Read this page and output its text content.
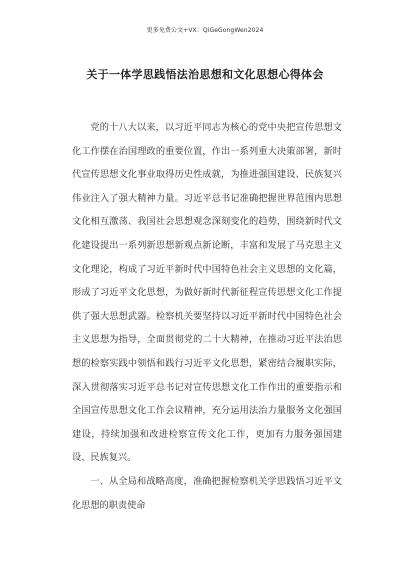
更多免费公文+VX：QiGeGongWen2024
关于一体学思践悟法治思想和文化思想心得体会

党的十八大以来，以习近平同志为核心的党中央把宣传思想文化工作摆在治国理政的重要位置，作出一系列重大决策部署，新时代宣传思想文化事业取得历史性成就，为推进强国建设、民族复兴伟业注入了强大精神力量。习近平总书记准确把握世界范围内思想文化相互激荡、我国社会思想观念深刻变化的趋势，围绕新时代文化建设提出一系列新思想新观点新论断，丰富和发展了马克思主义文化理论，构成了习近平新时代中国特色社会主义思想的文化篇，形成了习近平文化思想，为做好新时代新征程宣传思想文化工作提供了强大思想武器。检察机关要坚持以习近平新时代中国特色社会主义思想为指导，全面贯彻党的二十大精神，在推动习近平法治思想的检察实践中领悟和践行习近平文化思想，紧密结合履职实际，深入贯彻落实习近平总书记对宣传思想文化工作作出的重要指示和全国宣传思想文化工作会议精神，充分运用法治力量服务文化强国建设，持续加强和改进检察宣传文化工作，更加有力服务强国建设、民族复兴。

一、从全局和战略高度，准确把握检察机关学思践悟习近平文化思想的职责使命
